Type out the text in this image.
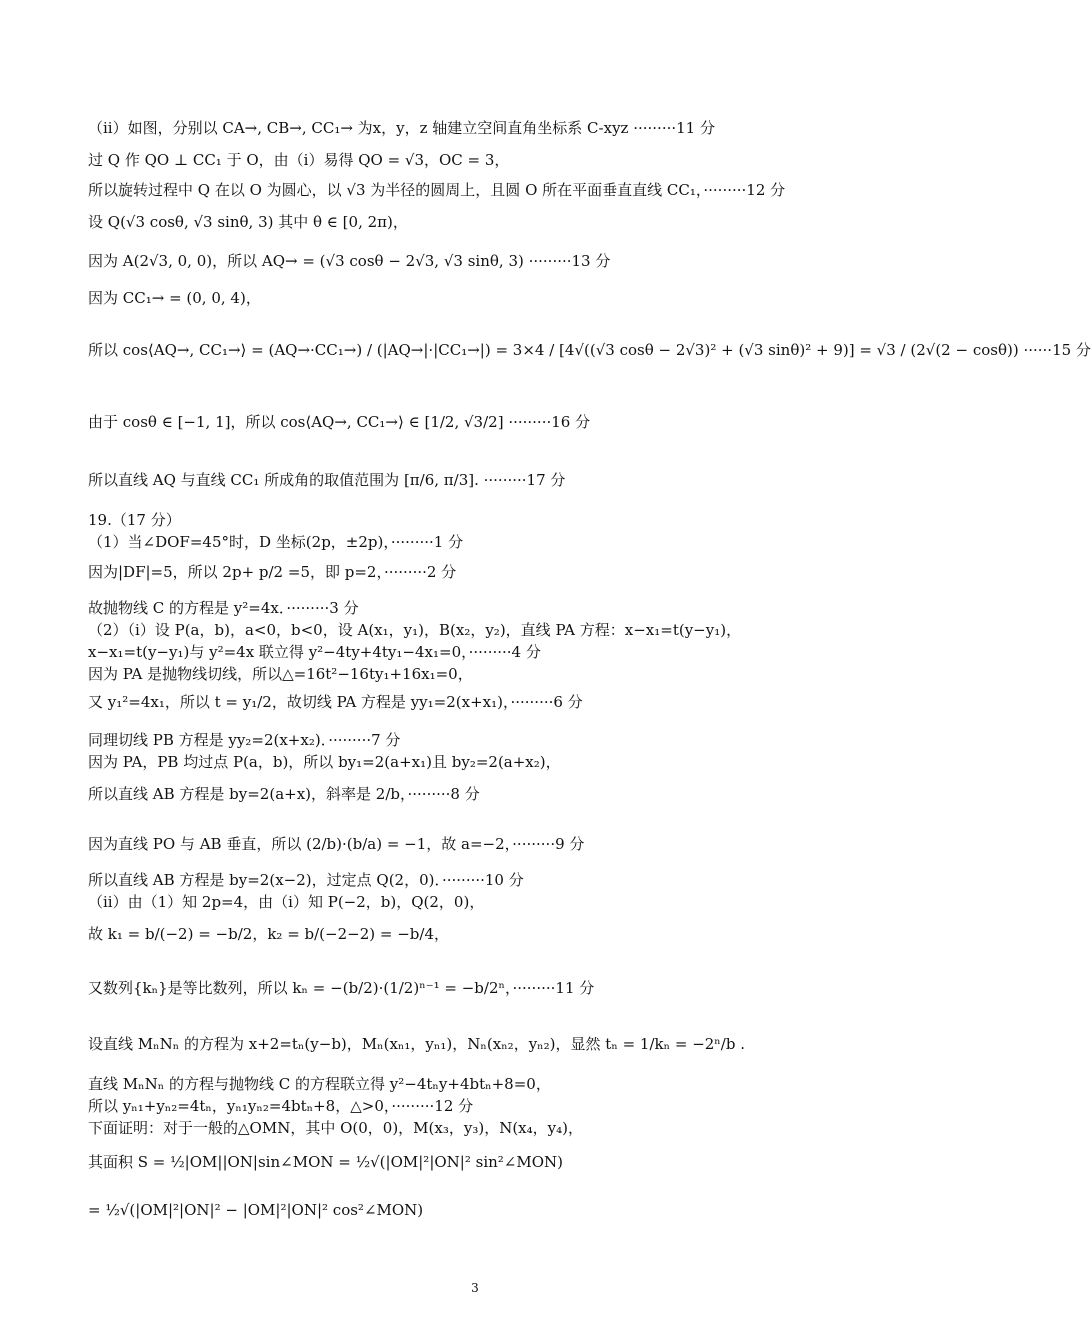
（ii）如图，分别以 CA→, CB→, CC₁→ 为x，y，z 轴建立空间直角坐标系 C-xyz ·········11 分
过 Q 作 QO ⊥ CC₁ 于 O，由（i）易得 QO = √3，OC = 3，
所以旋转过程中 Q 在以 O 为圆心，以 √3 为半径的圆周上，且圆 O 所在平面垂直直线 CC₁，·········12 分
设 Q(√3 cosθ, √3 sinθ, 3) 其中 θ ∈ [0, 2π)，
因为 A(2√3, 0, 0)，所以 AQ→ = (√3 cosθ − 2√3, √3 sinθ, 3) ·········13 分
因为 CC₁→ = (0, 0, 4)，
所以 cos⟨AQ→, CC₁→⟩ = (AQ→·CC₁→) / (|AQ→|·|CC₁→|) = 3×4 / [4√((√3 cosθ − 2√3)² + (√3 sinθ)² + 9)] = √3 / (2√(2 − cosθ)) ······15 分
由于 cosθ ∈ [−1, 1]，所以 cos⟨AQ→, CC₁→⟩ ∈ [1/2, √3/2] ·········16 分
所以直线 AQ 与直线 CC₁ 所成角的取值范围为 [π/6, π/3]. ·········17 分
19.（17 分）
（1）当∠DOF=45°时，D 坐标(2p，±2p)，·········1 分
因为|DF|=5，所以 2p+ p/2 =5，即 p=2，·········2 分
故抛物线 C 的方程是 y²=4x．·········3 分
（2）（i）设 P(a，b)，a<0，b<0，设 A(x₁，y₁)，B(x₂，y₂)，直线 PA 方程：x−x₁=t(y−y₁)，
x−x₁=t(y−y₁)与 y²=4x 联立得 y²−4ty+4ty₁−4x₁=0，·········4 分
因为 PA 是抛物线切线，所以△=16t²−16ty₁+16x₁=0，
又 y₁²=4x₁，所以 t = y₁/2，故切线 PA 方程是 yy₁=2(x+x₁)，·········6 分
同理切线 PB 方程是 yy₂=2(x+x₂)．·········7 分
因为 PA，PB 均过点 P(a，b)，所以 by₁=2(a+x₁)且 by₂=2(a+x₂)，
所以直线 AB 方程是 by=2(a+x)，斜率是 2/b，·········8 分
因为直线 PO 与 AB 垂直，所以 (2/b)·(b/a) = −1，故 a=−2，·········9 分
所以直线 AB 方程是 by=2(x−2)，过定点 Q(2，0)．·········10 分
（ii）由（1）知 2p=4，由（i）知 P(−2，b)，Q(2，0)，
故 k₁ = b/(−2) = −b/2，k₂ = b/(−2−2) = −b/4，
又数列{kₙ}是等比数列，所以 kₙ = −(b/2)·(1/2)ⁿ⁻¹ = −b/2ⁿ，·········11 分
设直线 MₙNₙ 的方程为 x+2=tₙ(y−b)，Mₙ(xₙ₁，yₙ₁)，Nₙ(xₙ₂，yₙ₂)，显然 tₙ = 1/kₙ = −2ⁿ/b .
直线 MₙNₙ 的方程与抛物线 C 的方程联立得 y²−4tₙy+4btₙ+8=0，
所以 yₙ₁+yₙ₂=4tₙ，yₙ₁yₙ₂=4btₙ+8，△>0，·········12 分
下面证明：对于一般的△OMN，其中 O(0，0)，M(x₃，y₃)，N(x₄，y₄)，
其面积 S = ½|OM||ON|sin∠MON = ½√(|OM|²|ON|² sin²∠MON)
= ½√(|OM|²|ON|² − |OM|²|ON|² cos²∠MON)
3
